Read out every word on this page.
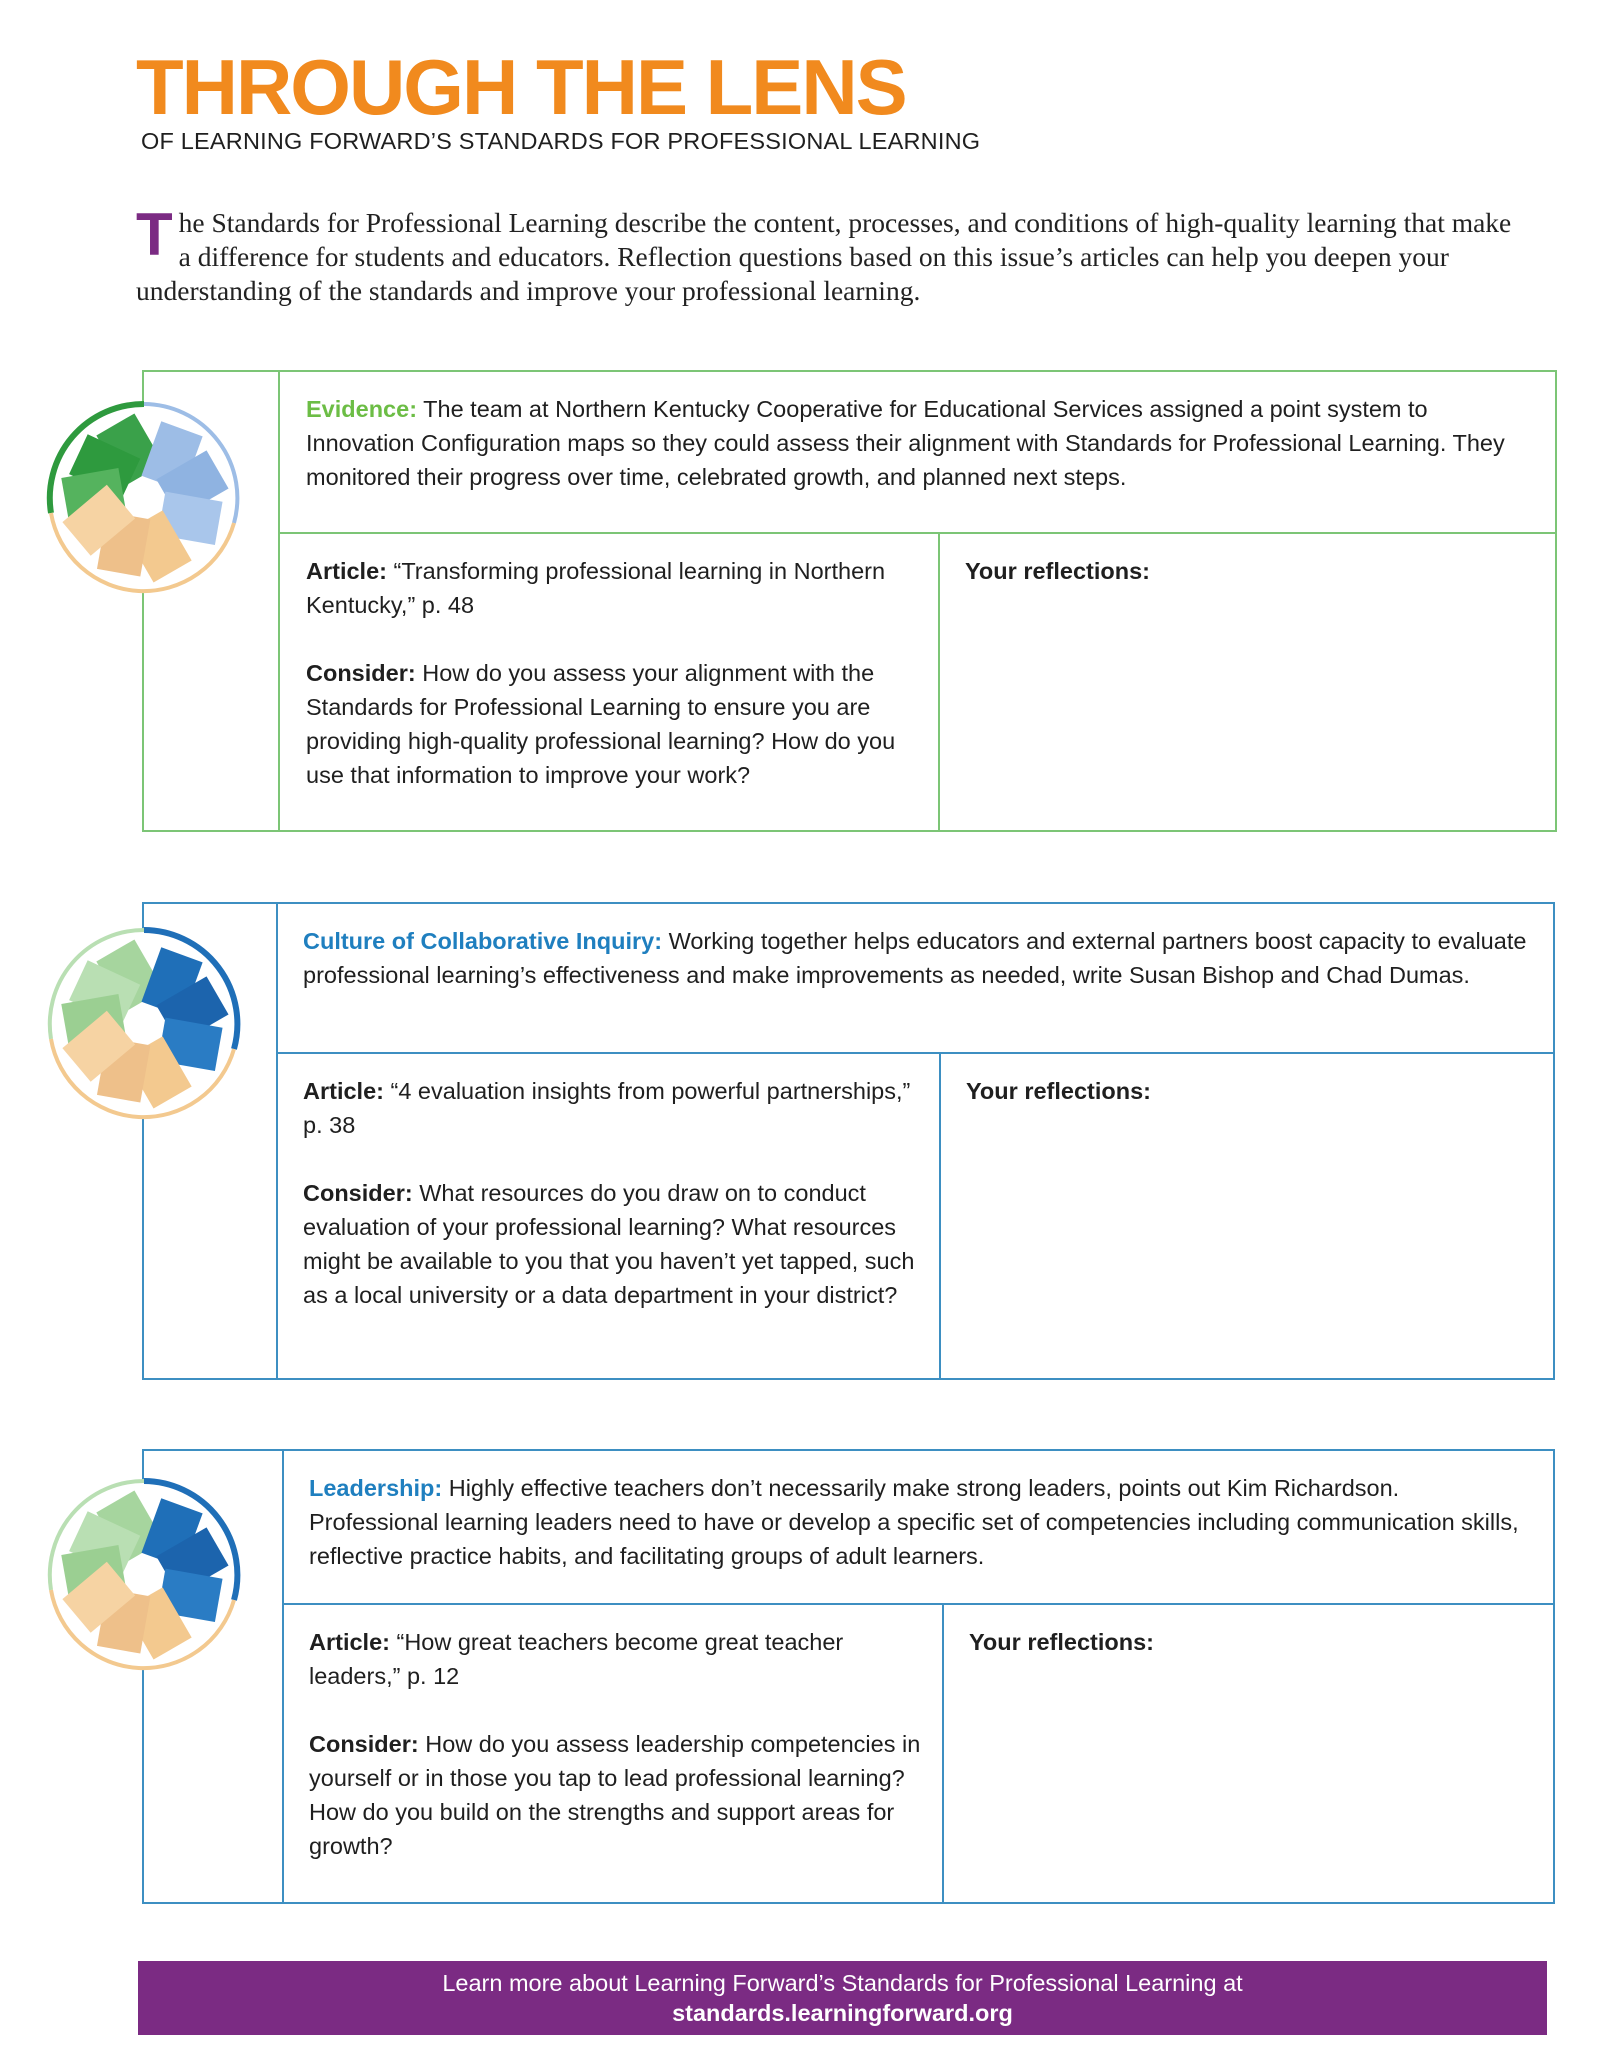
THROUGH THE LENS

OF LEARNING FORWARD’S STANDARDS FOR PROFESSIONAL LEARNING

The Standards for Professional Learning describe the content, processes, and conditions of high-quality learning that make a difference for students and educators. Reflection questions based on this issue’s articles can help you deepen your understanding of the standards and improve your professional learning.

Evidence: The team at Northern Kentucky Cooperative for Educational Services assigned a point system to Innovation Configuration maps so they could assess their alignment with Standards for Professional Learning. They monitored their progress over time, celebrated growth, and planned next steps.

Article: “Transforming professional learning in Northern Kentucky,” p. 48

Consider: How do you assess your alignment with the Standards for Professional Learning to ensure you are providing high-quality professional learning? How do you use that information to improve your work?

Your reflections:

Culture of Collaborative Inquiry: Working together helps educators and external partners boost capacity to evaluate professional learning’s effectiveness and make improvements as needed, write Susan Bishop and Chad Dumas.

Article: “4 evaluation insights from powerful partnerships,” p. 38

Consider: What resources do you draw on to conduct evaluation of your professional learning? What resources might be available to you that you haven’t yet tapped, such as a local university or a data department in your district?

Your reflections:

Leadership: Highly effective teachers don’t necessarily make strong leaders, points out Kim Richardson. Professional learning leaders need to have or develop a specific set of competencies including communication skills, reflective practice habits, and facilitating groups of adult learners.

Article: “How great teachers become great teacher leaders,” p. 12

Consider: How do you assess leadership competencies in yourself or in those you tap to lead professional learning? How do you build on the strengths and support areas for growth?

Your reflections:

Learn more about Learning Forward’s Standards for Professional Learning at
standards.learningforward.org
